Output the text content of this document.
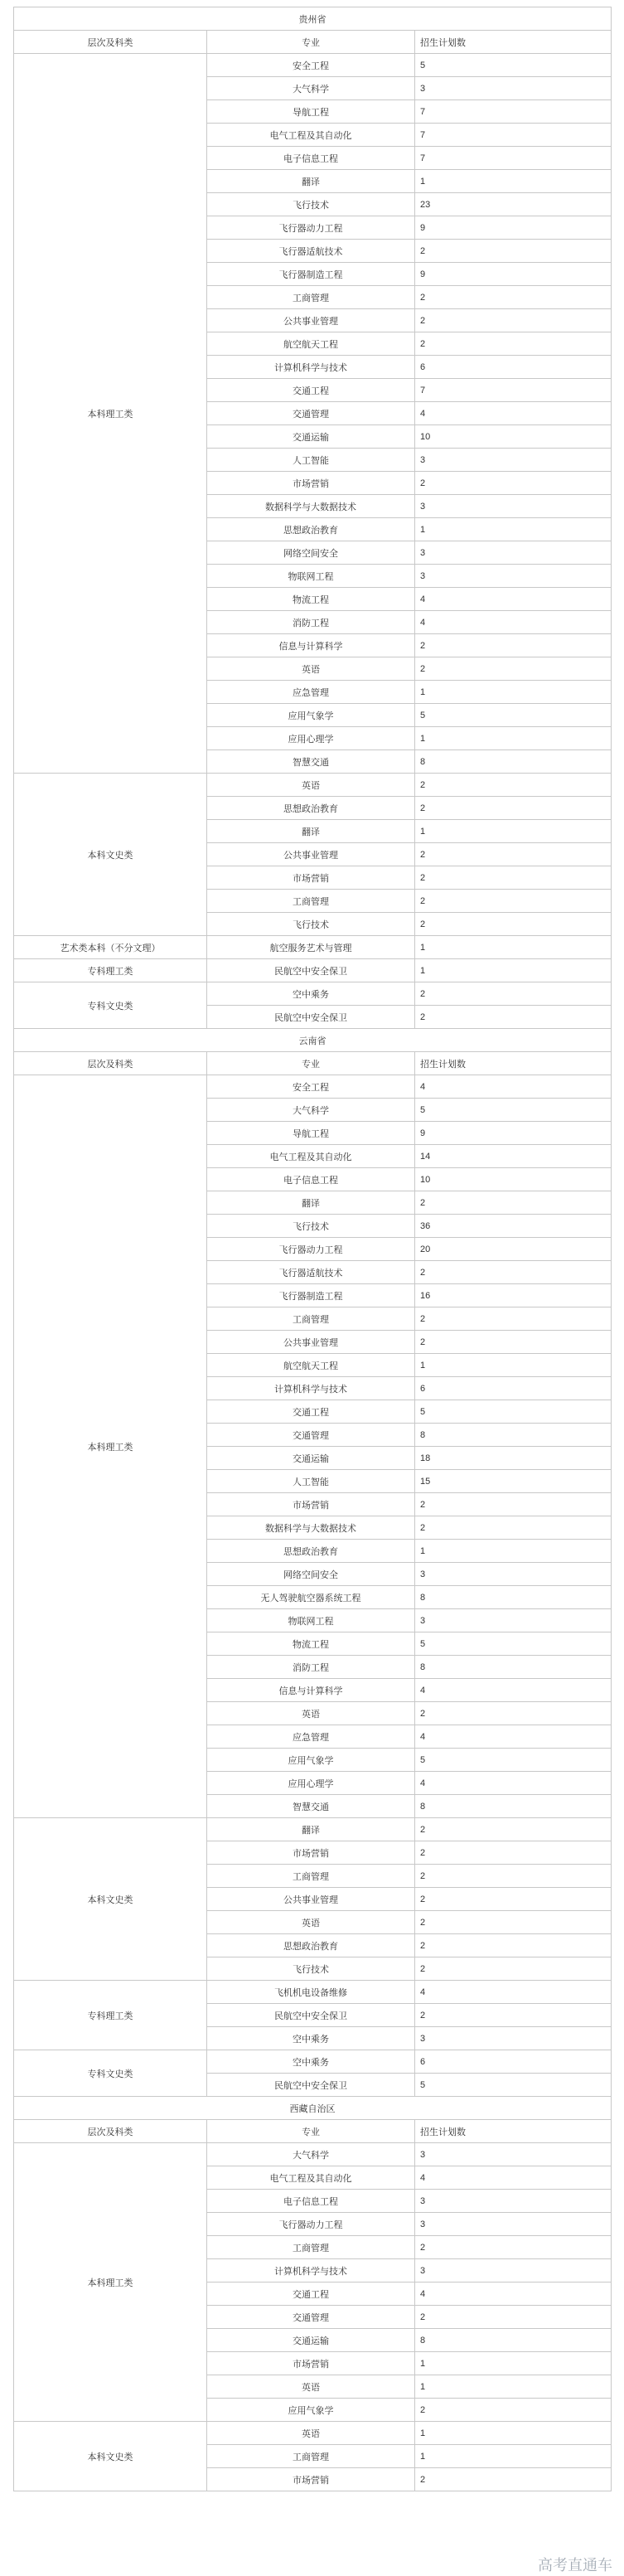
贵州省		
层次及科类	专业	招生计划数
本科理工类	安全工程	5
	大气科学	3
	导航工程	7
	电气工程及其自动化	7
	电子信息工程	7
	翻译	1
	飞行技术	23
	飞行器动力工程	9
	飞行器适航技术	2
	飞行器制造工程	9
	工商管理	2
	公共事业管理	2
	航空航天工程	2
	计算机科学与技术	6
	交通工程	7
	交通管理	4
	交通运输	10
	人工智能	3
	市场营销	2
	数据科学与大数据技术	3
	思想政治教育	1
	网络空间安全	3
	物联网工程	3
	物流工程	4
	消防工程	4
	信息与计算科学	2
	英语	2
	应急管理	1
	应用气象学	5
	应用心理学	1
	智慧交通	8
本科文史类	英语	2
	思想政治教育	2
	翻译	1
	公共事业管理	2
	市场营销	2
	工商管理	2
	飞行技术	2
艺术类本科（不分文理）	航空服务艺术与管理	1
专科理工类	民航空中安全保卫	1
专科文史类	空中乘务	2
	民航空中安全保卫	2
云南省		
层次及科类	专业	招生计划数
本科理工类	安全工程	4
	大气科学	5
	导航工程	9
	电气工程及其自动化	14
	电子信息工程	10
	翻译	2
	飞行技术	36
	飞行器动力工程	20
	飞行器适航技术	2
	飞行器制造工程	16
	工商管理	2
	公共事业管理	2
	航空航天工程	1
	计算机科学与技术	6
	交通工程	5
	交通管理	8
	交通运输	18
	人工智能	15
	市场营销	2
	数据科学与大数据技术	2
	思想政治教育	1
	网络空间安全	3
	无人驾驶航空器系统工程	8
	物联网工程	3
	物流工程	5
	消防工程	8
	信息与计算科学	4
	英语	2
	应急管理	4
	应用气象学	5
	应用心理学	4
	智慧交通	8
本科文史类	翻译	2
	市场营销	2
	工商管理	2
	公共事业管理	2
	英语	2
	思想政治教育	2
	飞行技术	2
专科理工类	飞机机电设备维修	4
	民航空中安全保卫	2
	空中乘务	3
专科文史类	空中乘务	6
	民航空中安全保卫	5
西藏自治区		
层次及科类	专业	招生计划数
本科理工类	大气科学	3
	电气工程及其自动化	4
	电子信息工程	3
	飞行器动力工程	3
	工商管理	2
	计算机科学与技术	3
	交通工程	4
	交通管理	2
	交通运输	8
	市场营销	1
	英语	1
	应用气象学	2
本科文史类	英语	1
	工商管理	1
	市场营销	2
高考直通车
